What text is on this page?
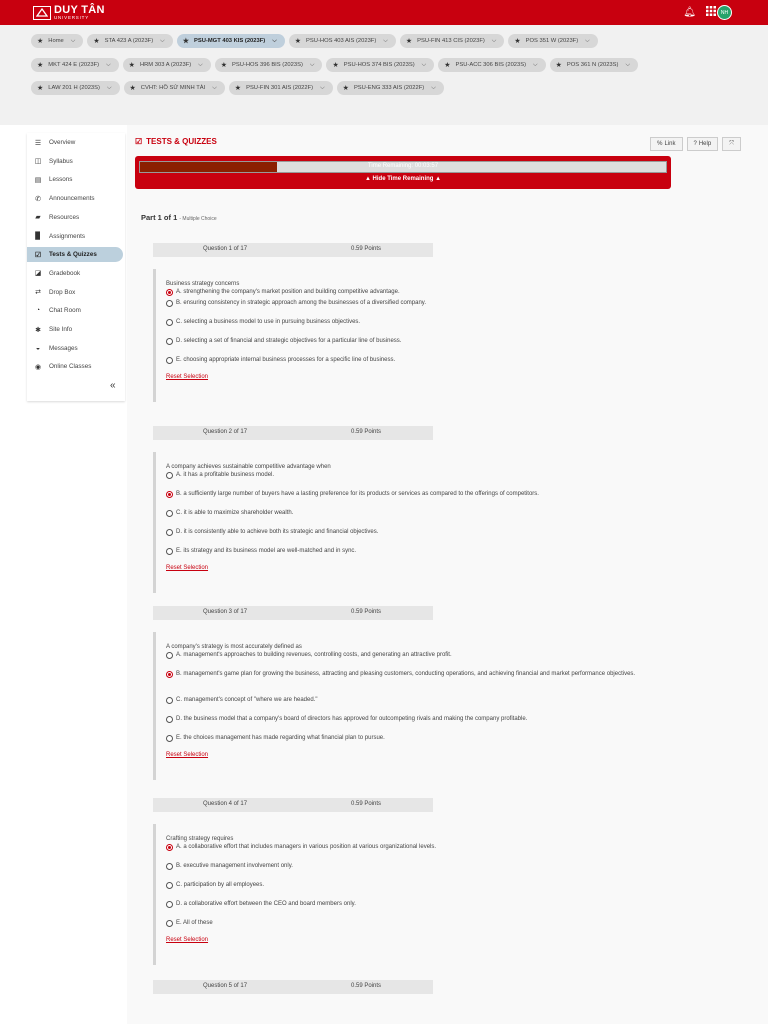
DUY TÂN
UNIVERSITY	🔔︎	NH
★ Home ⌵	★ STA 423 A (2023F) ⌵	★ PSU-MGT 403 KIS (2023F) ⌵	★ PSU-HOS 403 AIS (2023F) ⌵	★ PSU-FIN 413 CIS (2023F) ⌵	★ POS 351 W (2023F) ⌵
★ MKT 424 E (2023F) ⌵	★ HRM 303 A (2023F) ⌵	★ PSU-HOS 396 BIS (2023S) ⌵	★ PSU-HOS 374 BIS (2023S) ⌵	★ PSU-ACC 306 BIS (2023S) ⌵	★ POS 361 N (2023S) ⌵
★ LAW 201 H (2023S) ⌵	★ CVHT: HỒ SỬ MINH TÀI ⌵	★ PSU-FIN 301 AIS (2022F) ⌵	★ PSU-ENG 333 AIS (2022F) ⌵
☰ Overview
◫ Syllabus
▤ Lessons
✆	Announcements
▰	Resources
▉	Assignments
☑ Tests & Quizzes
◪ Gradebook
⇄	Drop Box
◔	Chat Room
✱	Site Info
◒	Messages
◉	Online Classes
«
☑ TESTS & QUIZZES	% Link	? Help	⤧
Time Remaining: 00:03:57
▲ Hide Time Remaining ▲
Part 1 of 1 - Multiple Choice
Question 1 of 17	0.59 Points
Business strategy concerns
A. strengthening the company's market position and building competitive advantage.
B. ensuring consistency in strategic approach among the businesses of a diversified company.
C. selecting a business model to use in pursuing business objectives.
D. selecting a set of financial and strategic objectives for a particular line of business.
E. choosing appropriate internal business processes for a specific line of business.
Reset Selection
Question 2 of 17	0.59 Points
A company achieves sustainable competitive advantage when
A. it has a profitable business model.
B. a sufficiently large number of buyers have a lasting preference for its products or services as compared to the offerings of competitors.
C. it is able to maximize shareholder wealth.
D. it is consistently able to achieve both its strategic and financial objectives.
E. its strategy and its business model are well-matched and in sync.
Reset Selection
Question 3 of 17	0.59 Points
A company's strategy is most accurately defined as
A. management's approaches to building revenues, controlling costs, and generating an attractive profit.
B. management's game plan for growing the business, attracting and pleasing customers, conducting operations, and achieving financial and market performance objectives.
C. management's concept of "where we are headed."
D. the business model that a company's board of directors has approved for outcompeting rivals and making the company profitable.
E. the choices management has made regarding what financial plan to pursue.
Reset Selection
Question 4 of 17	0.59 Points
Crafting strategy requires
A. a collaborative effort that includes managers in various position at various organizational levels.
B. executive management involvement only.
C. participation by all employees.
D. a collaborative effort between the CEO and board members only.
E. All of these
Reset Selection
Question 5 of 17	0.59 Points
